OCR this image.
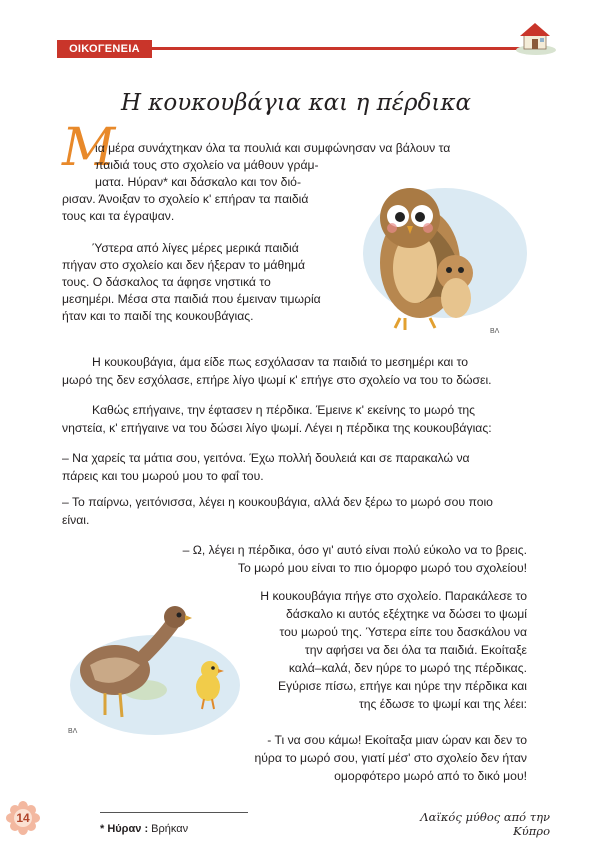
ΟΙΚΟΓΕΝΕΙΑ
Η κουκουβάγια και η πέρδικα
Μ
ια μέρα συνάχτηκαν όλα τα πουλιά και συμφώνησαν να βάλουν τα
παιδιά τους στο σχολείο να μάθουν γράμ-
ματα. Ηύραν* και δάσκαλο και τον διό-
ρισαν. Άνοιξαν το σχολείο κ' επήραν τα παιδιά
τους και τα έγραψαν.
Ύστερα από λίγες μέρες μερικά παιδιά
πήγαν στο σχολείο και δεν ήξεραν το μάθημά
τους. Ο δάσκαλος τα άφησε νηστικά το
μεσημέρι. Μέσα στα παιδιά που έμειναν τιμωρία
ήταν και το παιδί της κουκουβάγιας.
ΒΛ
Η κουκουβάγια, άμα είδε πως εσχόλασαν τα παιδιά το μεσημέρι και το
μωρό της δεν εσχόλασε, επήρε λίγο ψωμί κ' επήγε στο σχολείο να του το δώσει.
Καθώς επήγαινε, την έφτασεν η πέρδικα. Έμεινε κ' εκείνης το μωρό της
νηστεία, κ' επήγαινε να του δώσει λίγο ψωμί. Λέγει η πέρδικα της κουκουβάγιας:
– Να χαρείς τα μάτια σου, γειτόνα. Έχω πολλή δουλειά και σε παρακαλώ να
πάρεις και του μωρού μου το φαΐ του.
– Το παίρνω, γειτόνισσα, λέγει η κουκουβάγια, αλλά δεν ξέρω το μωρό σου ποιο
είναι.
– Ω, λέγει η πέρδικα, όσο γι' αυτό είναι πολύ εύκολο να το βρεις.
Το μωρό μου είναι το πιο όμορφο μωρό του σχολείου!
Η κουκουβάγια πήγε στο σχολείο. Παρακάλεσε το
δάσκαλο κι αυτός εξέχτηκε να δώσει το ψωμί
του μωρού της. Ύστερα είπε του δασκάλου να
την αφήσει να δει όλα τα παιδιά. Εκοίταξε
καλά–καλά, δεν ηύρε το μωρό της πέρδικας.
Εγύρισε πίσω, επήγε και ηύρε την πέρδικα και
της έδωσε το ψωμί και της λέει:
ΒΛ
- Τι να σου κάμω! Εκοίταξα μιαν ώραν και δεν το
ηύρα το μωρό σου, γιατί μέσ' στο σχολείο δεν ήταν
ομορφότερο μωρό από το δικό μου!
14
* Ηύραν : Βρήκαν
Λαϊκός μύθος από την Κύπρο
